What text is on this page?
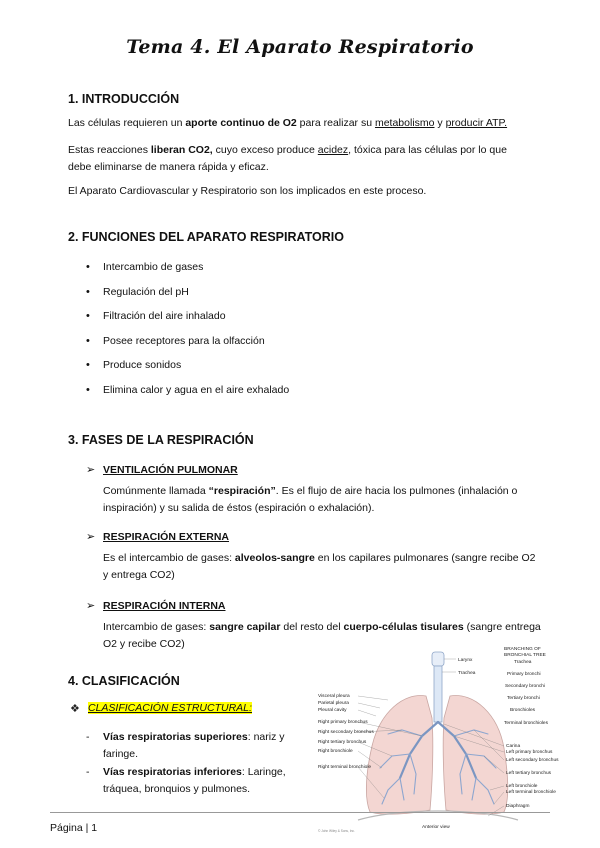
Tema 4. El Aparato Respiratorio
1. INTRODUCCIÓN
Las células requieren un aporte continuo de O2 para realizar su metabolismo y producir ATP.
Estas reacciones liberan CO2, cuyo exceso produce acidez, tóxica para las células por lo que
debe eliminarse de manera rápida y eficaz.
El Aparato Cardiovascular y Respiratorio son los implicados en este proceso.
2. FUNCIONES DEL APARATO RESPIRATORIO
• Intercambio de gases
• Regulación del pH
• Filtración del aire inhalado
• Posee receptores para la olfacción
• Produce sonidos
• Elimina calor y agua en el aire exhalado
3. FASES DE LA RESPIRACIÓN
➢ VENTILACIÓN PULMONAR
Comúnmente llamada “respiración”. Es el flujo de aire hacia los pulmones (inhalación o
inspiración) y su salida de éstos (espiración o exhalación).
➢ RESPIRACIÓN EXTERNA
Es el intercambio de gases: alveolos-sangre en los capilares pulmonares (sangre recibe O2
y entrega CO2)
➢ RESPIRACIÓN INTERNA
Intercambio de gases: sangre capilar del resto del cuerpo-células tisulares (sangre entrega
O2 y recibe CO2)
4. CLASIFICACIÓN
❖ CLASIFICACIÓN ESTRUCTURAL:
- Vías respiratorias superiores: nariz y
faringe.
- Vías respiratorias inferiores: Laringe,
tráquea, bronquios y pulmones.
Larynx
Trachea
Visceral pleura
Parietal pleura
Pleural cavity
Right primary bronchus
Right secondary bronchus
Right tertiary bronchus
Right bronchiole
Right terminal bronchiole
BRANCHING OF
BRONCHIAL TREE
Trachea
Primary bronchi
Secondary bronchi
Tertiary bronchi
Bronchioles
Terminal bronchioles
Carina
Left primary bronchus
Left secondary bronchus
Left tertiary bronchus
Left bronchiole
Left terminal bronchiole
Diaphragm
Anterior view
© John Wiley & Sons, Inc.
Página | 1
